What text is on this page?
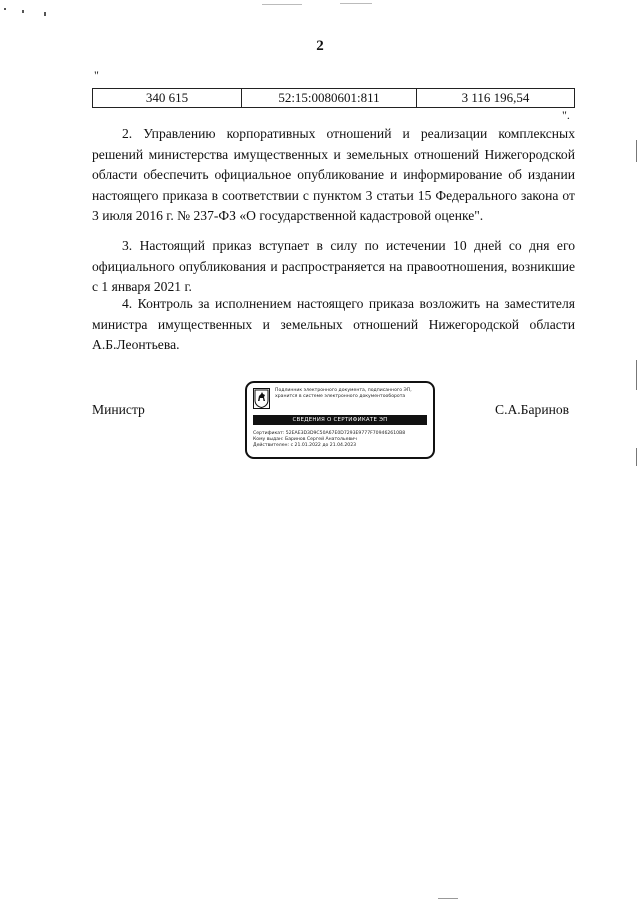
2
"
340 615	52:15:0080601:811	3 116 196,54
".

2. Управлению корпоративных отношений и реализации комплексных решений министерства имущественных и земельных отношений Нижегородской области обеспечить официальное опубликование и информирование об издании настоящего приказа в соответствии с пунктом 3 статьи 15 Федерального закона от 3 июля 2016 г. № 237-ФЗ «О государственной кадастровой оценке".

3. Настоящий приказ вступает в силу по истечении 10 дней со дня его официального опубликования и распространяется на правоотношения, возникшие с 1 января 2021 г.

4. Контроль за исполнением настоящего приказа возложить на заместителя министра имущественных и земельных отношений Нижегородской области А.Б.Леонтьева.

Министр	С.А.Баринов
Подлинник электронного документа, подписанного ЭП, хранится в системе электронного документооборота
СВЕДЕНИЯ О СЕРТИФИКАТЕ ЭП
Сертификат: 52EAE3D3D9C50A67E0D7293E9777F709462610B8
Кому выдан: Баринов Сергей Анатольевич
Действителен: с 21.01.2022 до 21.04.2023
